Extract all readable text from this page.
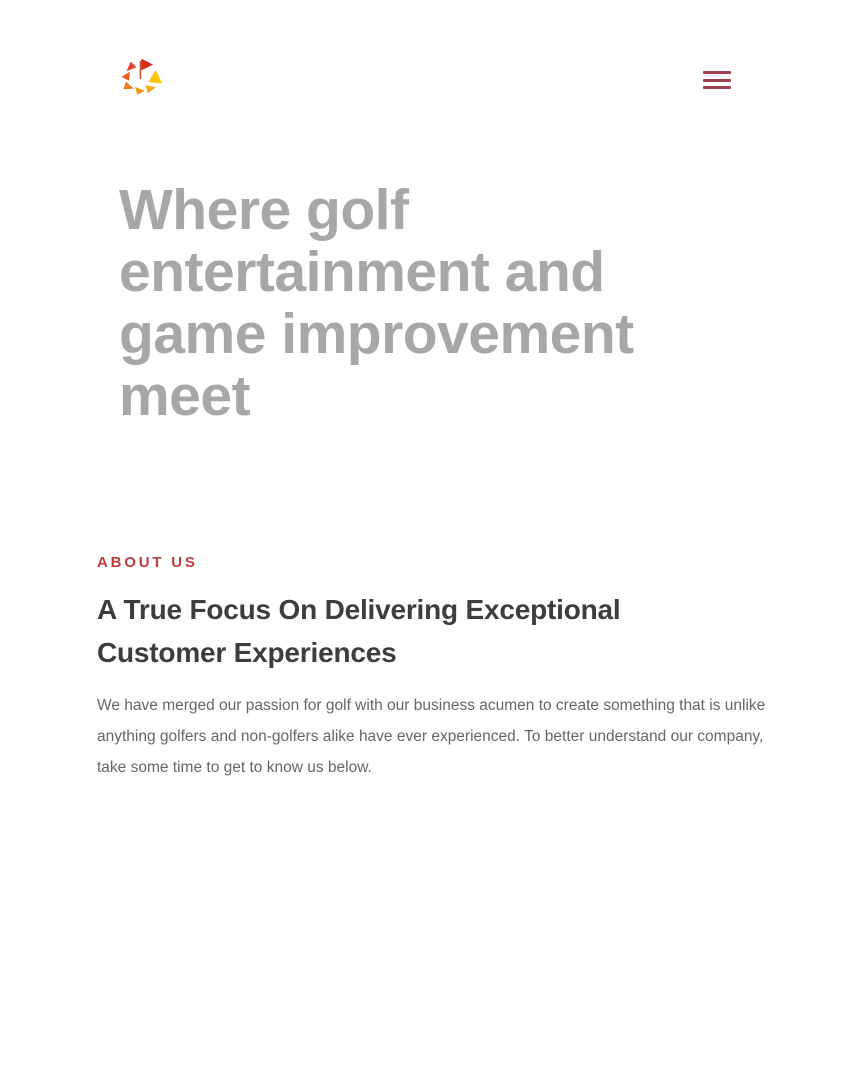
Where golf
entertainment and
game improvement
meet
ABOUT US
A True Focus On Delivering Exceptional
Customer Experiences

We have merged our passion for golf with our business acumen to create something that is unlike anything golfers and non-golfers alike have ever experienced. To better understand our company, take some time to get to know us below.
